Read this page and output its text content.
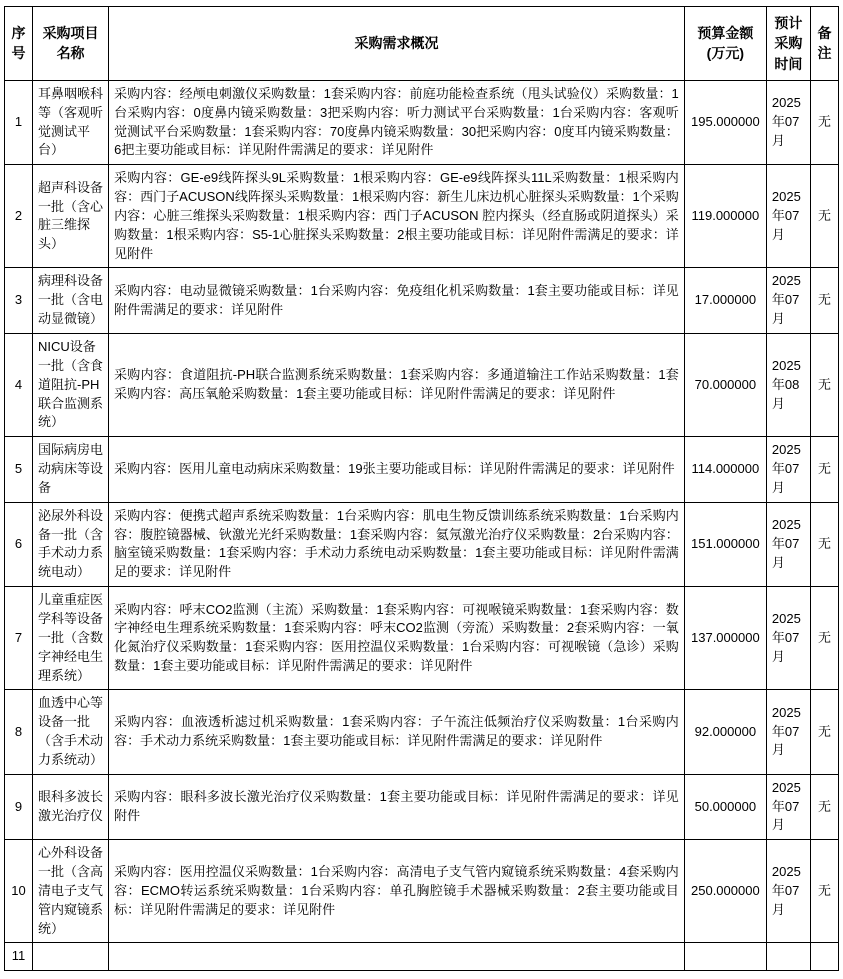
序号	采购项目名称	采购需求概况	预算金额(万元)	预计采购时间	备注
1	耳鼻咽喉科等（客观听觉测试平台）	采购内容：经颅电刺激仪采购数量：1套采购内容：前庭功能检查系统（甩头试验仪）采购数量：1台采购内容：0度鼻内镜采购数量：3把采购内容：听力测试平台采购数量：1台采购内容：客观听觉测试平台采购数量：1套采购内容：70度鼻内镜采购数量：30把采购内容：0度耳内镜采购数量：6把主要功能或目标：详见附件需满足的要求：详见附件	195.000000	2025年07月	无
2	超声科设备一批（含心脏三维探头）	采购内容：GE-e9线阵探头9L采购数量：1根采购内容：GE-e9线阵探头11L采购数量：1根采购内容：西门子ACUSON线阵探头采购数量：1根采购内容：新生儿床边机心脏探头采购数量：1个采购内容：心脏三维探头采购数量：1根采购内容：西门子ACUSON 腔内探头（经直肠或阴道探头）采购数量：1根采购内容：S5-1心脏探头采购数量：2根主要功能或目标：详见附件需满足的要求：详见附件	119.000000	2025年07月	无
3	病理科设备一批（含电动显微镜）	采购内容：电动显微镜采购数量：1台采购内容：免疫组化机采购数量：1套主要功能或目标：详见附件需满足的要求：详见附件	17.000000	2025年07月	无
4	NICU设备一批（含食道阻抗-PH联合监测系统）	采购内容：食道阻抗-PH联合监测系统采购数量：1套采购内容：多通道输注工作站采购数量：1套采购内容：高压氧舱采购数量：1套主要功能或目标：详见附件需满足的要求：详见附件	70.000000	2025年08月	无
5	国际病房电动病床等设备	采购内容：医用儿童电动病床采购数量：19张主要功能或目标：详见附件需满足的要求：详见附件	114.000000	2025年07月	无
6	泌尿外科设备一批（含手术动力系统电动）	采购内容：便携式超声系统采购数量：1台采购内容：肌电生物反馈训练系统采购数量：1台采购内容：腹腔镜器械、钬激光光纤采购数量：1套采购内容：氦氖激光治疗仪采购数量：2台采购内容：脑室镜采购数量：1套采购内容：手术动力系统电动采购数量：1套主要功能或目标：详见附件需满足的要求：详见附件	151.000000	2025年07月	无
7	儿童重症医学科等设备一批（含数字神经电生理系统）	采购内容：呼末CO2监测（主流）采购数量：1套采购内容：可视喉镜采购数量：1套采购内容：数字神经电生理系统采购数量：1套采购内容：呼末CO2监测（旁流）采购数量：2套采购内容：一氧化氮治疗仪采购数量：1套采购内容：医用控温仪采购数量：1台采购内容：可视喉镜（急诊）采购数量：1套主要功能或目标：详见附件需满足的要求：详见附件	137.000000	2025年07月	无
8	血透中心等设备一批（含手术动力系统动）	采购内容：血液透析滤过机采购数量：1套采购内容：子午流注低频治疗仪采购数量：1台采购内容：手术动力系统采购数量：1套主要功能或目标：详见附件需满足的要求：详见附件	92.000000	2025年07月	无
9	眼科多波长激光治疗仪	采购内容：眼科多波长激光治疗仪采购数量：1套主要功能或目标：详见附件需满足的要求：详见附件	50.000000	2025年07月	无
10	心外科设备一批（含高清电子支气管内窥镜系统）	采购内容：医用控温仪采购数量：1台采购内容：高清电子支气管内窥镜系统采购数量：4套采购内容：ECMO转运系统采购数量：1台采购内容：单孔胸腔镜手术器械采购数量：2套主要功能或目标：详见附件需满足的要求：详见附件	250.000000	2025年07月	无
11					
